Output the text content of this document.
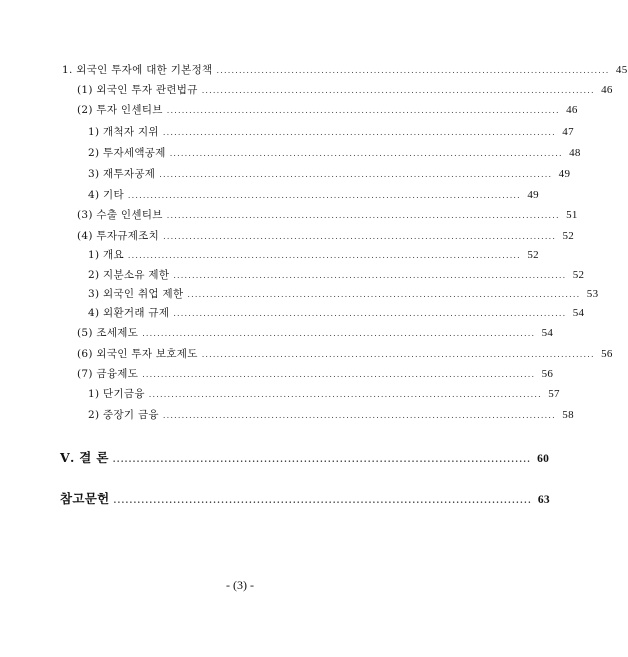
1. 외국인 투자에 대한 기본정책 ......................................................................................................... 45
(1) 외국인 투자 관련법규 ......................................................................................................... 46
(2) 투자 인센티브 ......................................................................................................... 46
1) 개척자 지위 ......................................................................................................... 47
2) 투자세액공제 ......................................................................................................... 48
3) 재투자공제 ......................................................................................................... 49
4) 기타 ......................................................................................................... 49
(3) 수출 인센티브 ......................................................................................................... 51
(4) 투자규제조치 ......................................................................................................... 52
1) 개요 ......................................................................................................... 52
2) 지분소유 제한 ......................................................................................................... 52
3) 외국인 취업 제한 ......................................................................................................... 53
4) 외환거래 규제 ......................................................................................................... 54
(5) 조세제도 ......................................................................................................... 54
(6) 외국인 투자 보호제도 ......................................................................................................... 56
(7) 금융제도 ......................................................................................................... 56
1) 단기금융 ......................................................................................................... 57
2) 중장기 금융 ......................................................................................................... 58
Ⅴ. 결 론 ......................................................................................................... 60
참고문헌 ......................................................................................................... 63
- (3) -
